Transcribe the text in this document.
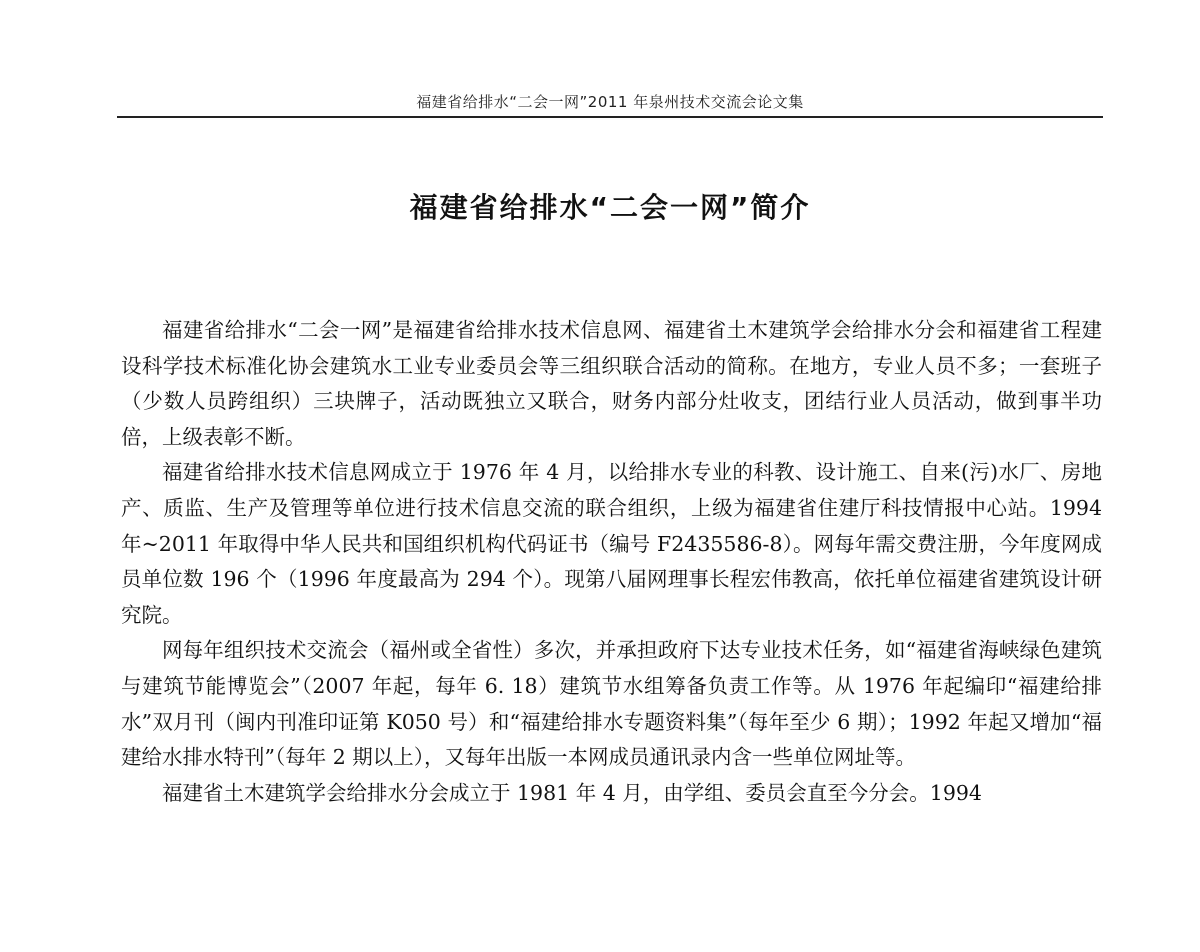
福建省给排水“二会一网”2011 年泉州技术交流会论文集
福建省给排水“二会一网”简介

福建省给排水“二会一网”是福建省给排水技术信息网、福建省土木建筑学会给排水分会和福建省工程建设科学技术标准化协会建筑水工业专业委员会等三组织联合活动的简称。在地方，专业人员不多；一套班子（少数人员跨组织）三块牌子，活动既独立又联合，财务内部分灶收支，团结行业人员活动，做到事半功倍，上级表彰不断。

福建省给排水技术信息网成立于 1976 年 4 月，以给排水专业的科教、设计施工、自来(污)水厂、房地产、质监、生产及管理等单位进行技术信息交流的联合组织，上级为福建省住建厅科技情报中心站。1994 年~2011 年取得中华人民共和国组织机构代码证书（编号 F2435586-8）。网每年需交费注册，今年度网成员单位数 196 个（1996 年度最高为 294 个）。现第八届网理事长程宏伟教高，依托单位福建省建筑设计研究院。

网每年组织技术交流会（福州或全省性）多次，并承担政府下达专业技术任务，如“福建省海峡绿色建筑与建筑节能博览会”（2007 年起，每年 6. 18）建筑节水组筹备负责工作等。从 1976 年起编印“福建给排水”双月刊（闽内刊准印证第 K050 号）和“福建给排水专题资料集”（每年至少 6 期）；1992 年起又增加“福建给水排水特刊”（每年 2 期以上），又每年出版一本网成员通讯录内含一些单位网址等。

福建省土木建筑学会给排水分会成立于 1981 年 4 月，由学组、委员会直至今分会。1994
